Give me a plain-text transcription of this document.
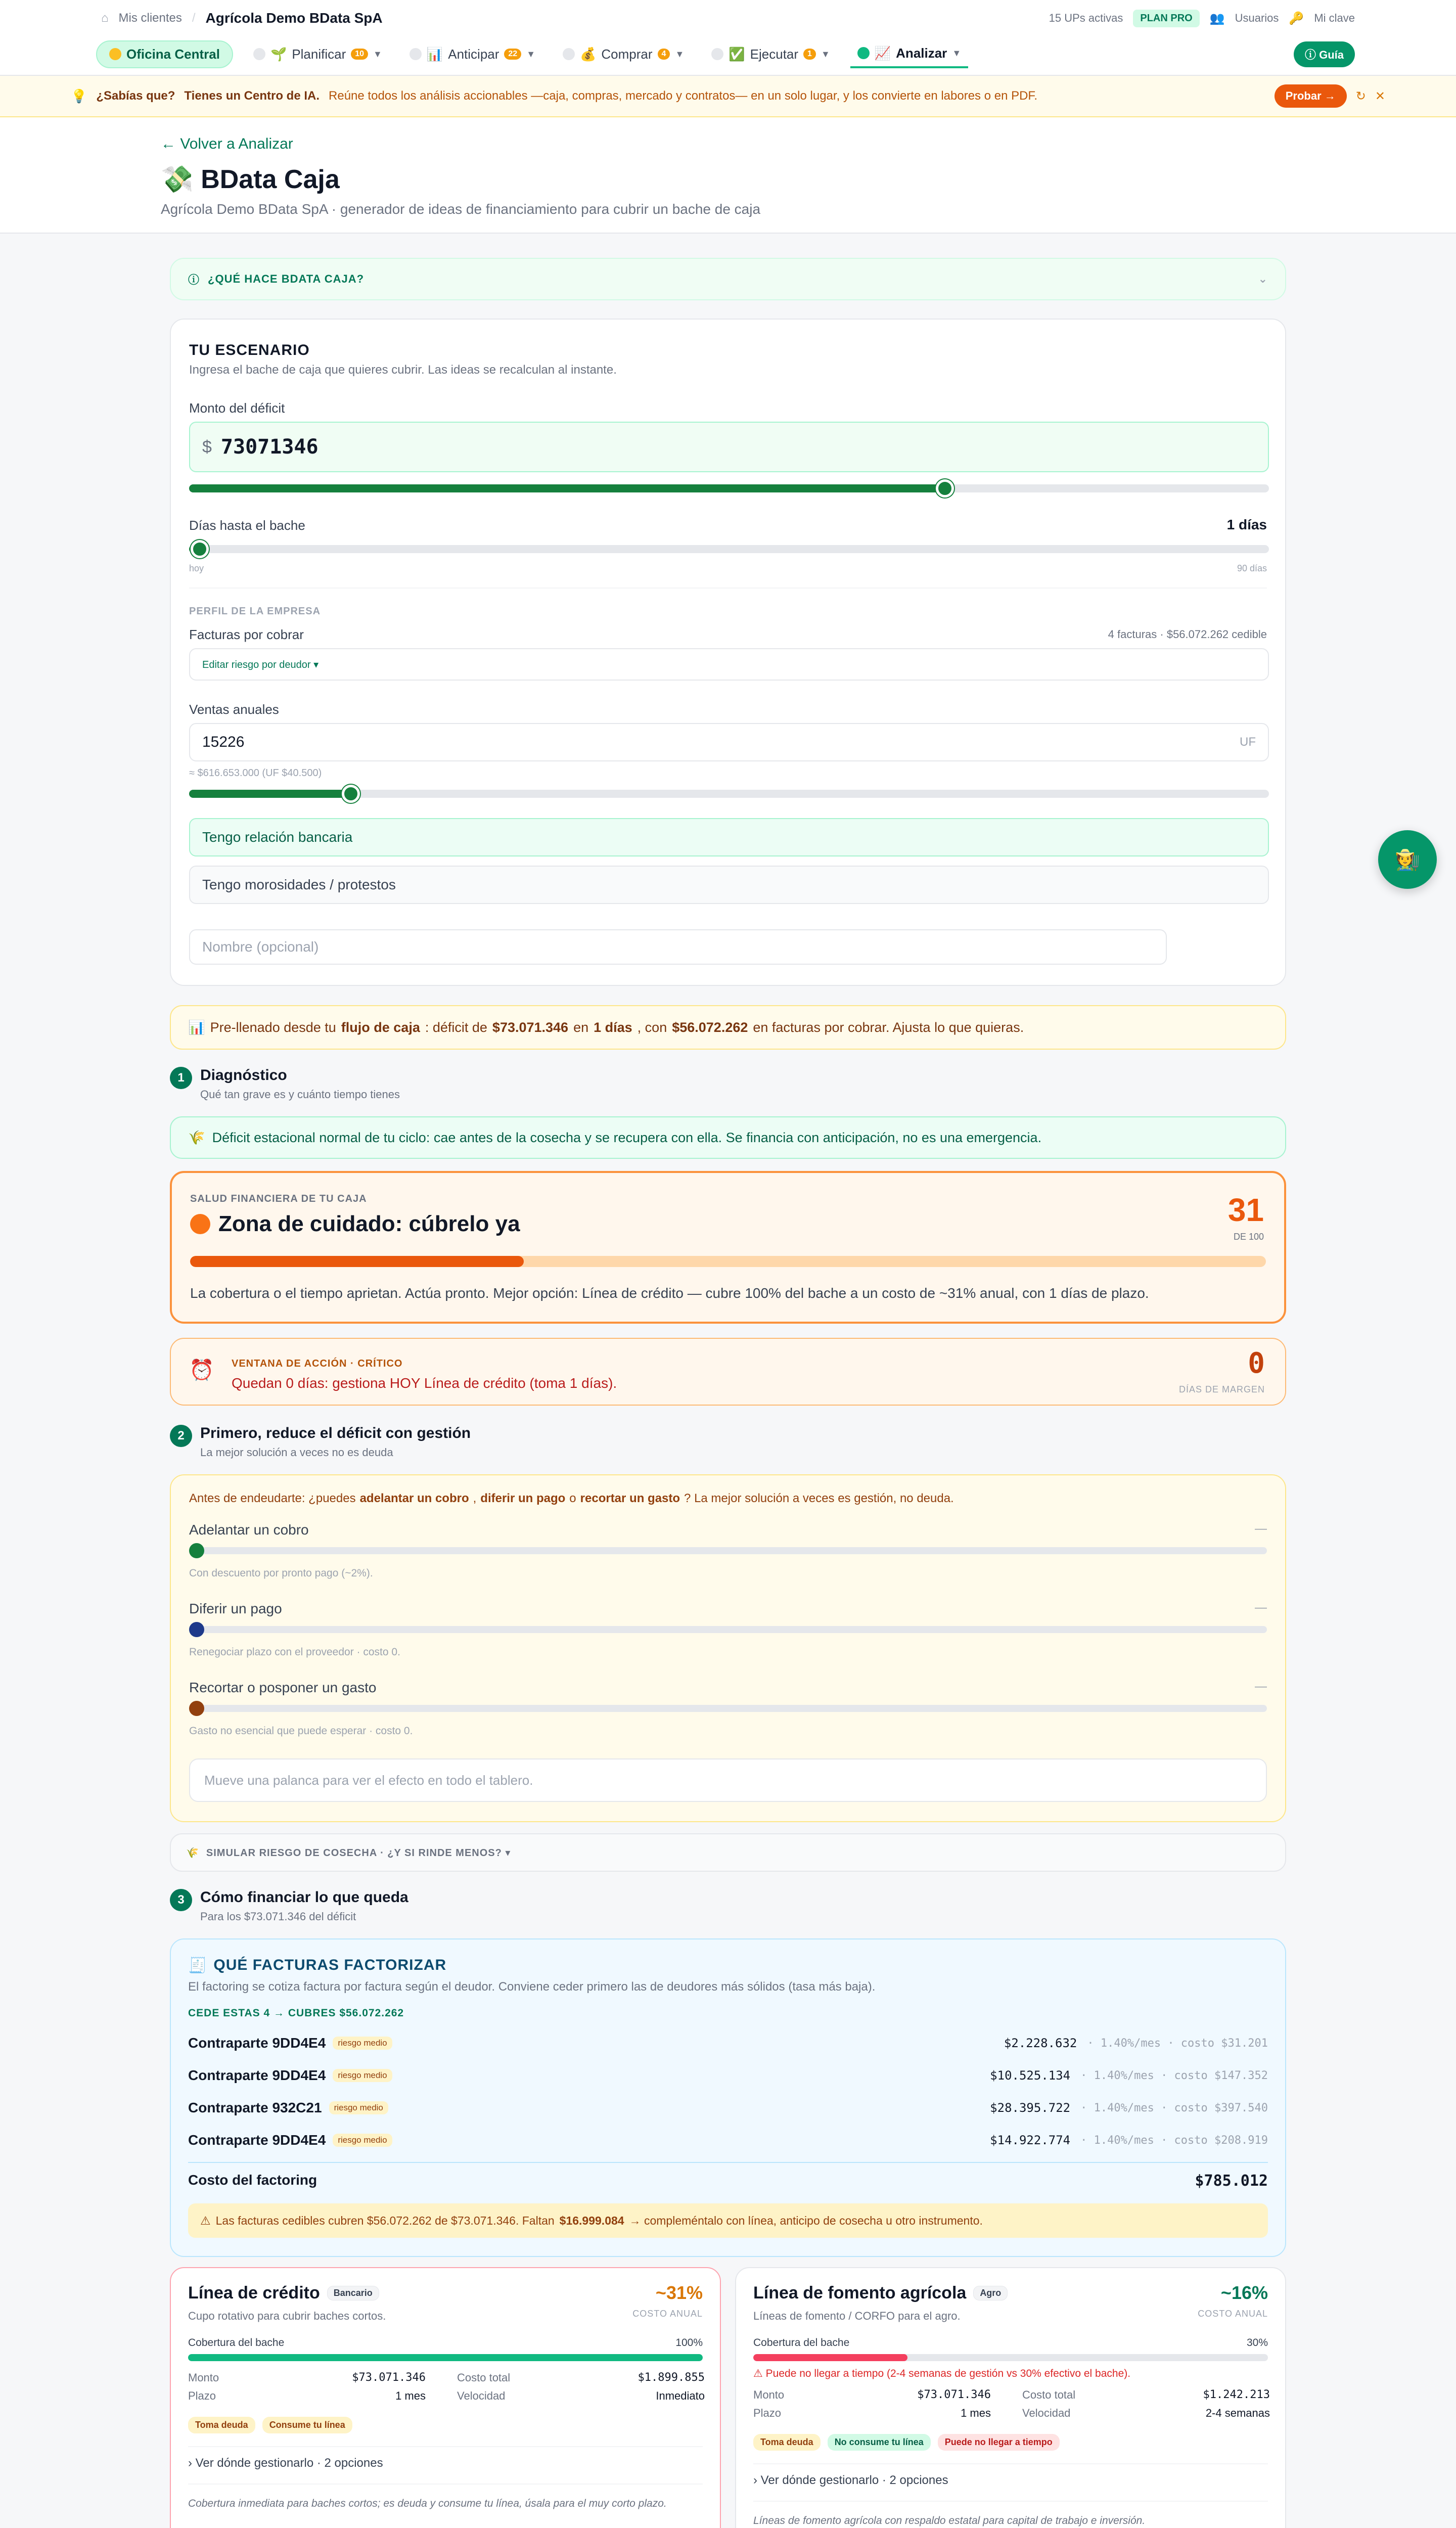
⌂ Mis clientes / Agrícola Demo BData SpA	15 UPs activas	PLAN PRO	👥 Usuarios 🔑 Mi clave
Oficina Central	🌱 Planificar	10	▼	📊 Anticipar	22	▼	💰 Comprar	4	▼	✅ Ejecutar	1	▼	📈 Analizar ▼	ⓘ Guía
💡 ¿Sabías que? Tienes un Centro de IA. Reúne todos los análisis accionables —caja, compras, mercado y contratos— en un solo lugar, y los convierte en labores o en PDF.	Probar →	↻ ✕
← Volver a Analizar
💸 BData Caja
Agrícola Demo BData SpA · generador de ideas de financiamiento para cubrir un bache de caja
ⓘ ¿QUÉ HACE BDATA CAJA?	⌄
TU ESCENARIO
Ingresa el bache de caja que quieres cubrir. Las ideas se recalculan al instante.
Monto del déficit
$ 73071346
Días hasta el bache	1 días
hoy	90 días
PERFIL DE LA EMPRESA
Facturas por cobrar	4 facturas · $56.072.262 cedible
Editar riesgo por deudor ▾
Ventas anuales
15226	UF
≈ $616.653.000 (UF $40.500)
Tengo relación bancaria
Tengo morosidades / protestos
Nombre (opcional)
📊 Pre-llenado desde tu flujo de caja : déficit de $73.071.346 en 1 días , con $56.072.262 en facturas por cobrar. Ajusta lo que quieras.
1	Diagnóstico
Qué tan grave es y cuánto tiempo tienes
🌾 Déficit estacional normal de tu ciclo: cae antes de la cosecha y se recupera con ella. Se financia con anticipación, no es una emergencia.
SALUD FINANCIERA DE TU CAJA
Zona de cuidado: cúbrelo ya	31
DE 100
La cobertura o el tiempo aprietan. Actúa pronto. Mejor opción: Línea de crédito — cubre 100% del bache a un costo de ~31% anual, con 1 días de plazo.
⏰ VENTANA DE ACCIÓN · CRÍTICO
Quedan 0 días: gestiona HOY Línea de crédito (toma 1 días).
0
DÍAS DE MARGEN
2	Primero, reduce el déficit con gestión
La mejor solución a veces no es deuda
Antes de endeudarte: ¿puedes adelantar un cobro , diferir un pago o recortar un gasto ? La mejor solución a veces es gestión, no deuda.
Adelantar un cobro	—
Con descuento por pronto pago (~2%).
Diferir un pago	—
Renegociar plazo con el proveedor · costo 0.
Recortar o posponer un gasto	—
Gasto no esencial que puede esperar · costo 0.
Mueve una palanca para ver el efecto en todo el tablero.
🌾 SIMULAR RIESGO DE COSECHA · ¿Y SI RINDE MENOS? ▾
3	Cómo financiar lo que queda
Para los $73.071.346 del déficit
🧾 QUÉ FACTURAS FACTORIZAR
El factoring se cotiza factura por factura según el deudor. Conviene ceder primero las de deudores más sólidos (tasa más baja).
CEDE ESTAS 4 → CUBRES $56.072.262
Contraparte 9DD4E4	riesgo medio	$2.228.632 · 1.40%/mes · costo $31.201
Contraparte 9DD4E4	riesgo medio	$10.525.134 · 1.40%/mes · costo $147.352
Contraparte 932C21	riesgo medio	$28.395.722 · 1.40%/mes · costo $397.540
Contraparte 9DD4E4	riesgo medio	$14.922.774 · 1.40%/mes · costo $208.919
Costo del factoring	$785.012
⚠ Las facturas cedibles cubren $56.072.262 de $73.071.346. Faltan $16.999.084 → compleméntalo con línea, anticipo de cosecha u otro instrumento.
Línea de crédito	Bancario
Cupo rotativo para cubrir baches cortos.
~31%
COSTO ANUAL
Cobertura del bache	100%
Monto	$73.071.346	Costo total	$1.899.855
Plazo	1 mes	Velocidad	Inmediato
Toma deuda	Consume tu línea
› Ver dónde gestionarlo · 2 opciones
Cobertura inmediata para baches cortos; es deuda y consume tu línea, úsala para el muy corto plazo.
Línea de fomento agrícola	Agro
Líneas de fomento / CORFO para el agro.
~16%
COSTO ANUAL
Cobertura del bache	30%
⚠ Puede no llegar a tiempo (2-4 semanas de gestión vs 30% efectivo el bache).
Monto	$73.071.346	Costo total	$1.242.213
Plazo	1 mes	Velocidad	2-4 semanas
Toma deuda	No consume tu línea	Puede no llegar a tiempo
› Ver dónde gestionarlo · 2 opciones
Líneas de fomento agrícola con respaldo estatal para capital de trabajo e inversión.
🧑‍🌾
